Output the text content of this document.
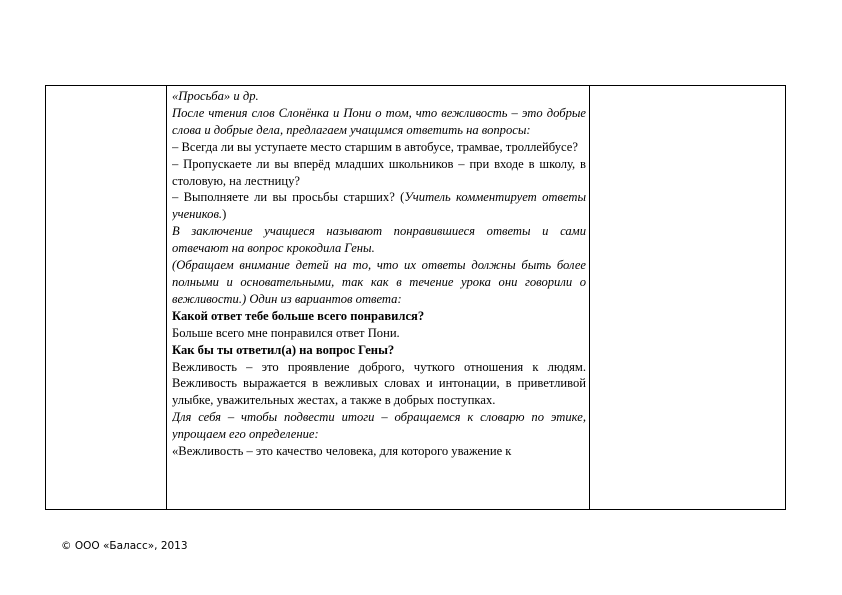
«Просьба» и др.

После чтения слов Слонёнка и Пони о том, что вежливость – это добрые слова и добрые дела, предлагаем учащимся ответить на вопросы:

– Всегда ли вы уступаете место старшим в автобусе, трамвае, троллейбусе?

– Пропускаете ли вы вперёд младших школьников – при входе в школу, в столовую, на лестницу?

– Выполняете ли вы просьбы старших? (Учитель комментирует ответы учеников.)

В заключение учащиеся называют понравившиеся ответы и сами отвечают на вопрос крокодила Гены.

(Обращаем внимание детей на то, что их ответы должны быть более полными и основательными, так как в течение урока они говорили о вежливости.) Один из вариантов ответа:

Какой ответ тебе больше всего понравился?

Больше всего мне понравился ответ Пони.

Как бы ты ответил(а) на вопрос Гены?

Вежливость – это проявление доброго, чуткого отношения к людям. Вежливость выражается в вежливых словах и интонации, в приветливой улыбке, уважительных жестах, а также в добрых поступках.

Для себя – чтобы подвести итоги – обращаемся к словарю по этике, упрощаем его определение:

«Вежливость – это качество человека, для которого уважение к

© ООО «Баласс», 2013
